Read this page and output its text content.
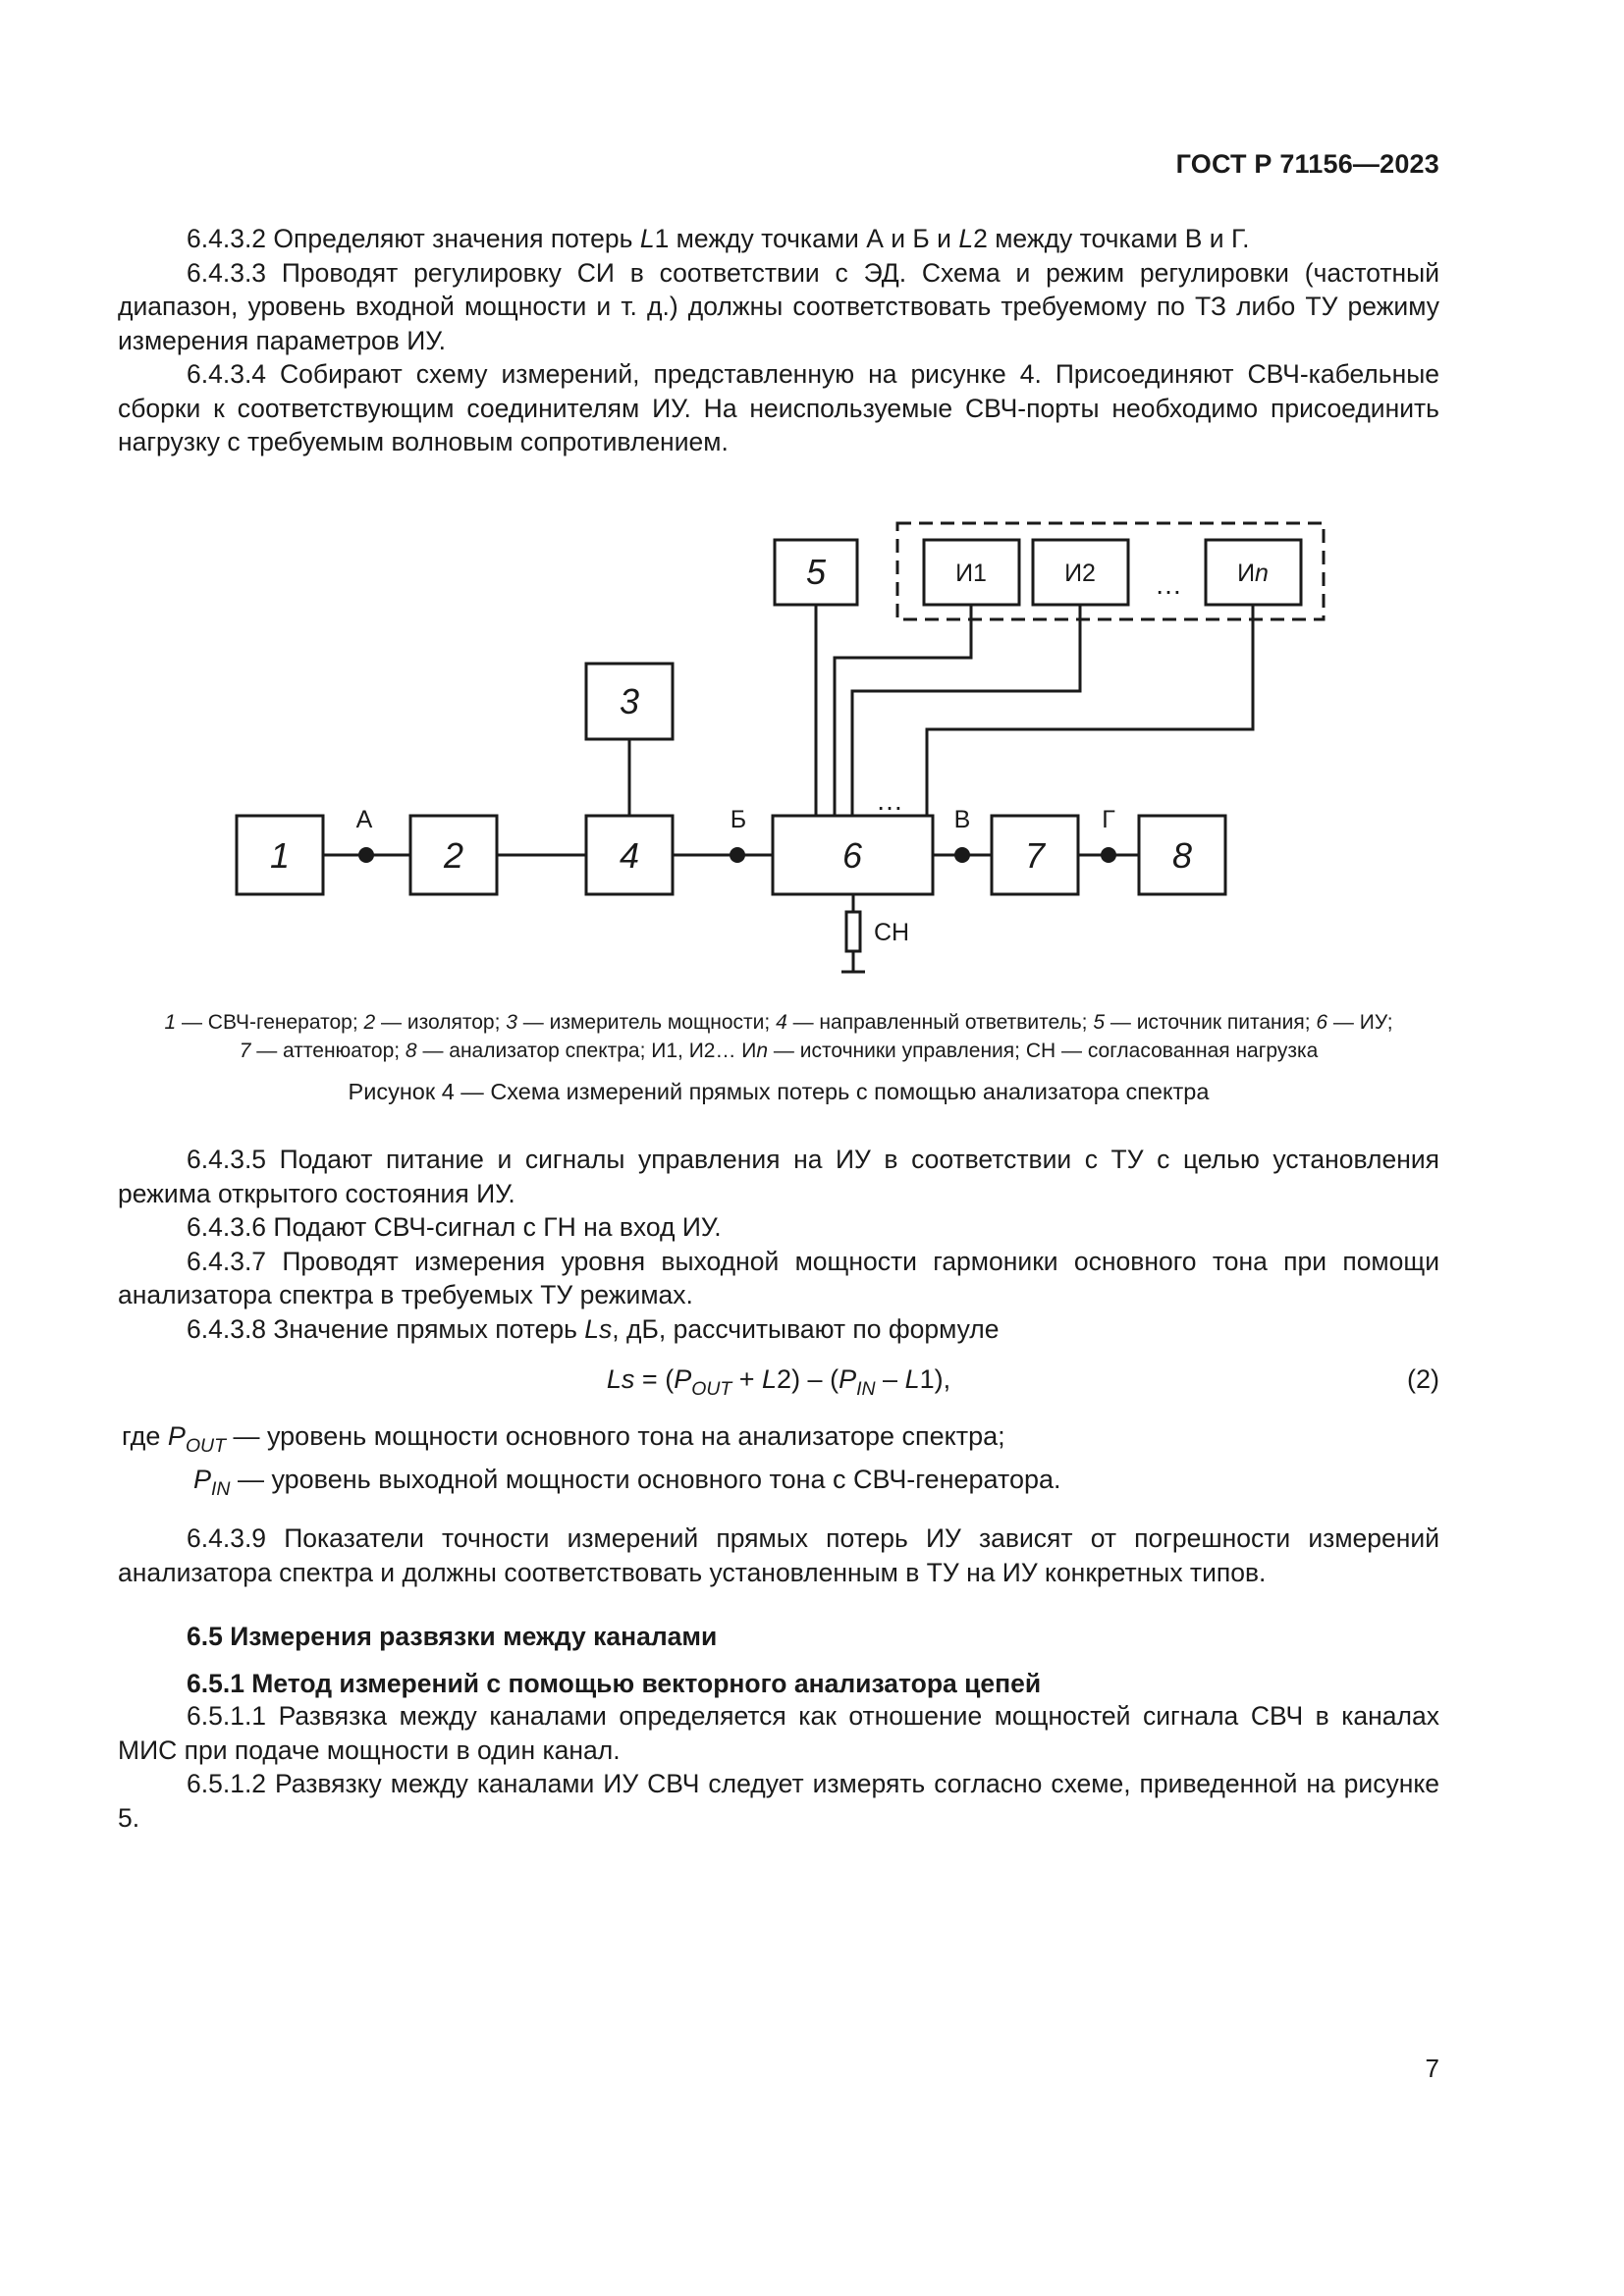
ГОСТ Р 71156—2023

6.4.3.2 Определяют значения потерь L1 между точками А и Б и L2 между точками В и Г.

6.4.3.3 Проводят регулировку СИ в соответствии с ЭД. Схема и режим регулировки (частотный диапазон, уровень входной мощности и т. д.) должны соответствовать требуемому по ТЗ либо ТУ режиму измерения параметров ИУ.

6.4.3.4 Собирают схему измерений, представленную на рисунке 4. Присоединяют СВЧ-кабельные сборки к соответствующим соединителям ИУ. На неиспользуемые СВЧ-порты необходимо присоединить нагрузку с требуемым волновым сопротивлением.

1	2
3
4
5
6	7	8
И1	И2	Иn
…
…
А	Б	В	Г
СН
1 — СВЧ-генератор; 2 — изолятор; 3 — измеритель мощности; 4 — направленный ответвитель; 5 — источник питания; 6 — ИУ;
7 — аттенюатор; 8 — анализатор спектра; И1, И2… Иn — источники управления; СН — согласованная нагрузка
Рисунок 4 — Схема измерений прямых потерь с помощью анализатора спектра

6.4.3.5 Подают питание и сигналы управления на ИУ в соответствии с ТУ с целью установления режима открытого состояния ИУ.

6.4.3.6 Подают СВЧ-сигнал с ГН на вход ИУ.

6.4.3.7 Проводят измерения уровня выходной мощности гармоники основного тона при помощи анализатора спектра в требуемых ТУ режимах.

6.4.3.8 Значение прямых потерь Ls, дБ, рассчитывают по формуле

$Ls = (P_{OUT} + L2) - (P_{IN} - L1)$,	(2)
где $P_{OUT}$ — уровень мощности основного тона на анализаторе спектра;
$P_{IN}$ — уровень выходной мощности основного тона с СВЧ-генератора.

6.4.3.9 Показатели точности измерений прямых потерь ИУ зависят от погрешности измерений анализатора спектра и должны соответствовать установленным в ТУ на ИУ конкретных типов.

6.5 Измерения развязки между каналами
6.5.1 Метод измерений с помощью векторного анализатора цепей

6.5.1.1 Развязка между каналами определяется как отношение мощностей сигнала СВЧ в каналах МИС при подаче мощности в один канал.

6.5.1.2 Развязку между каналами ИУ СВЧ следует измерять согласно схеме, приведенной на рисунке 5.

7
